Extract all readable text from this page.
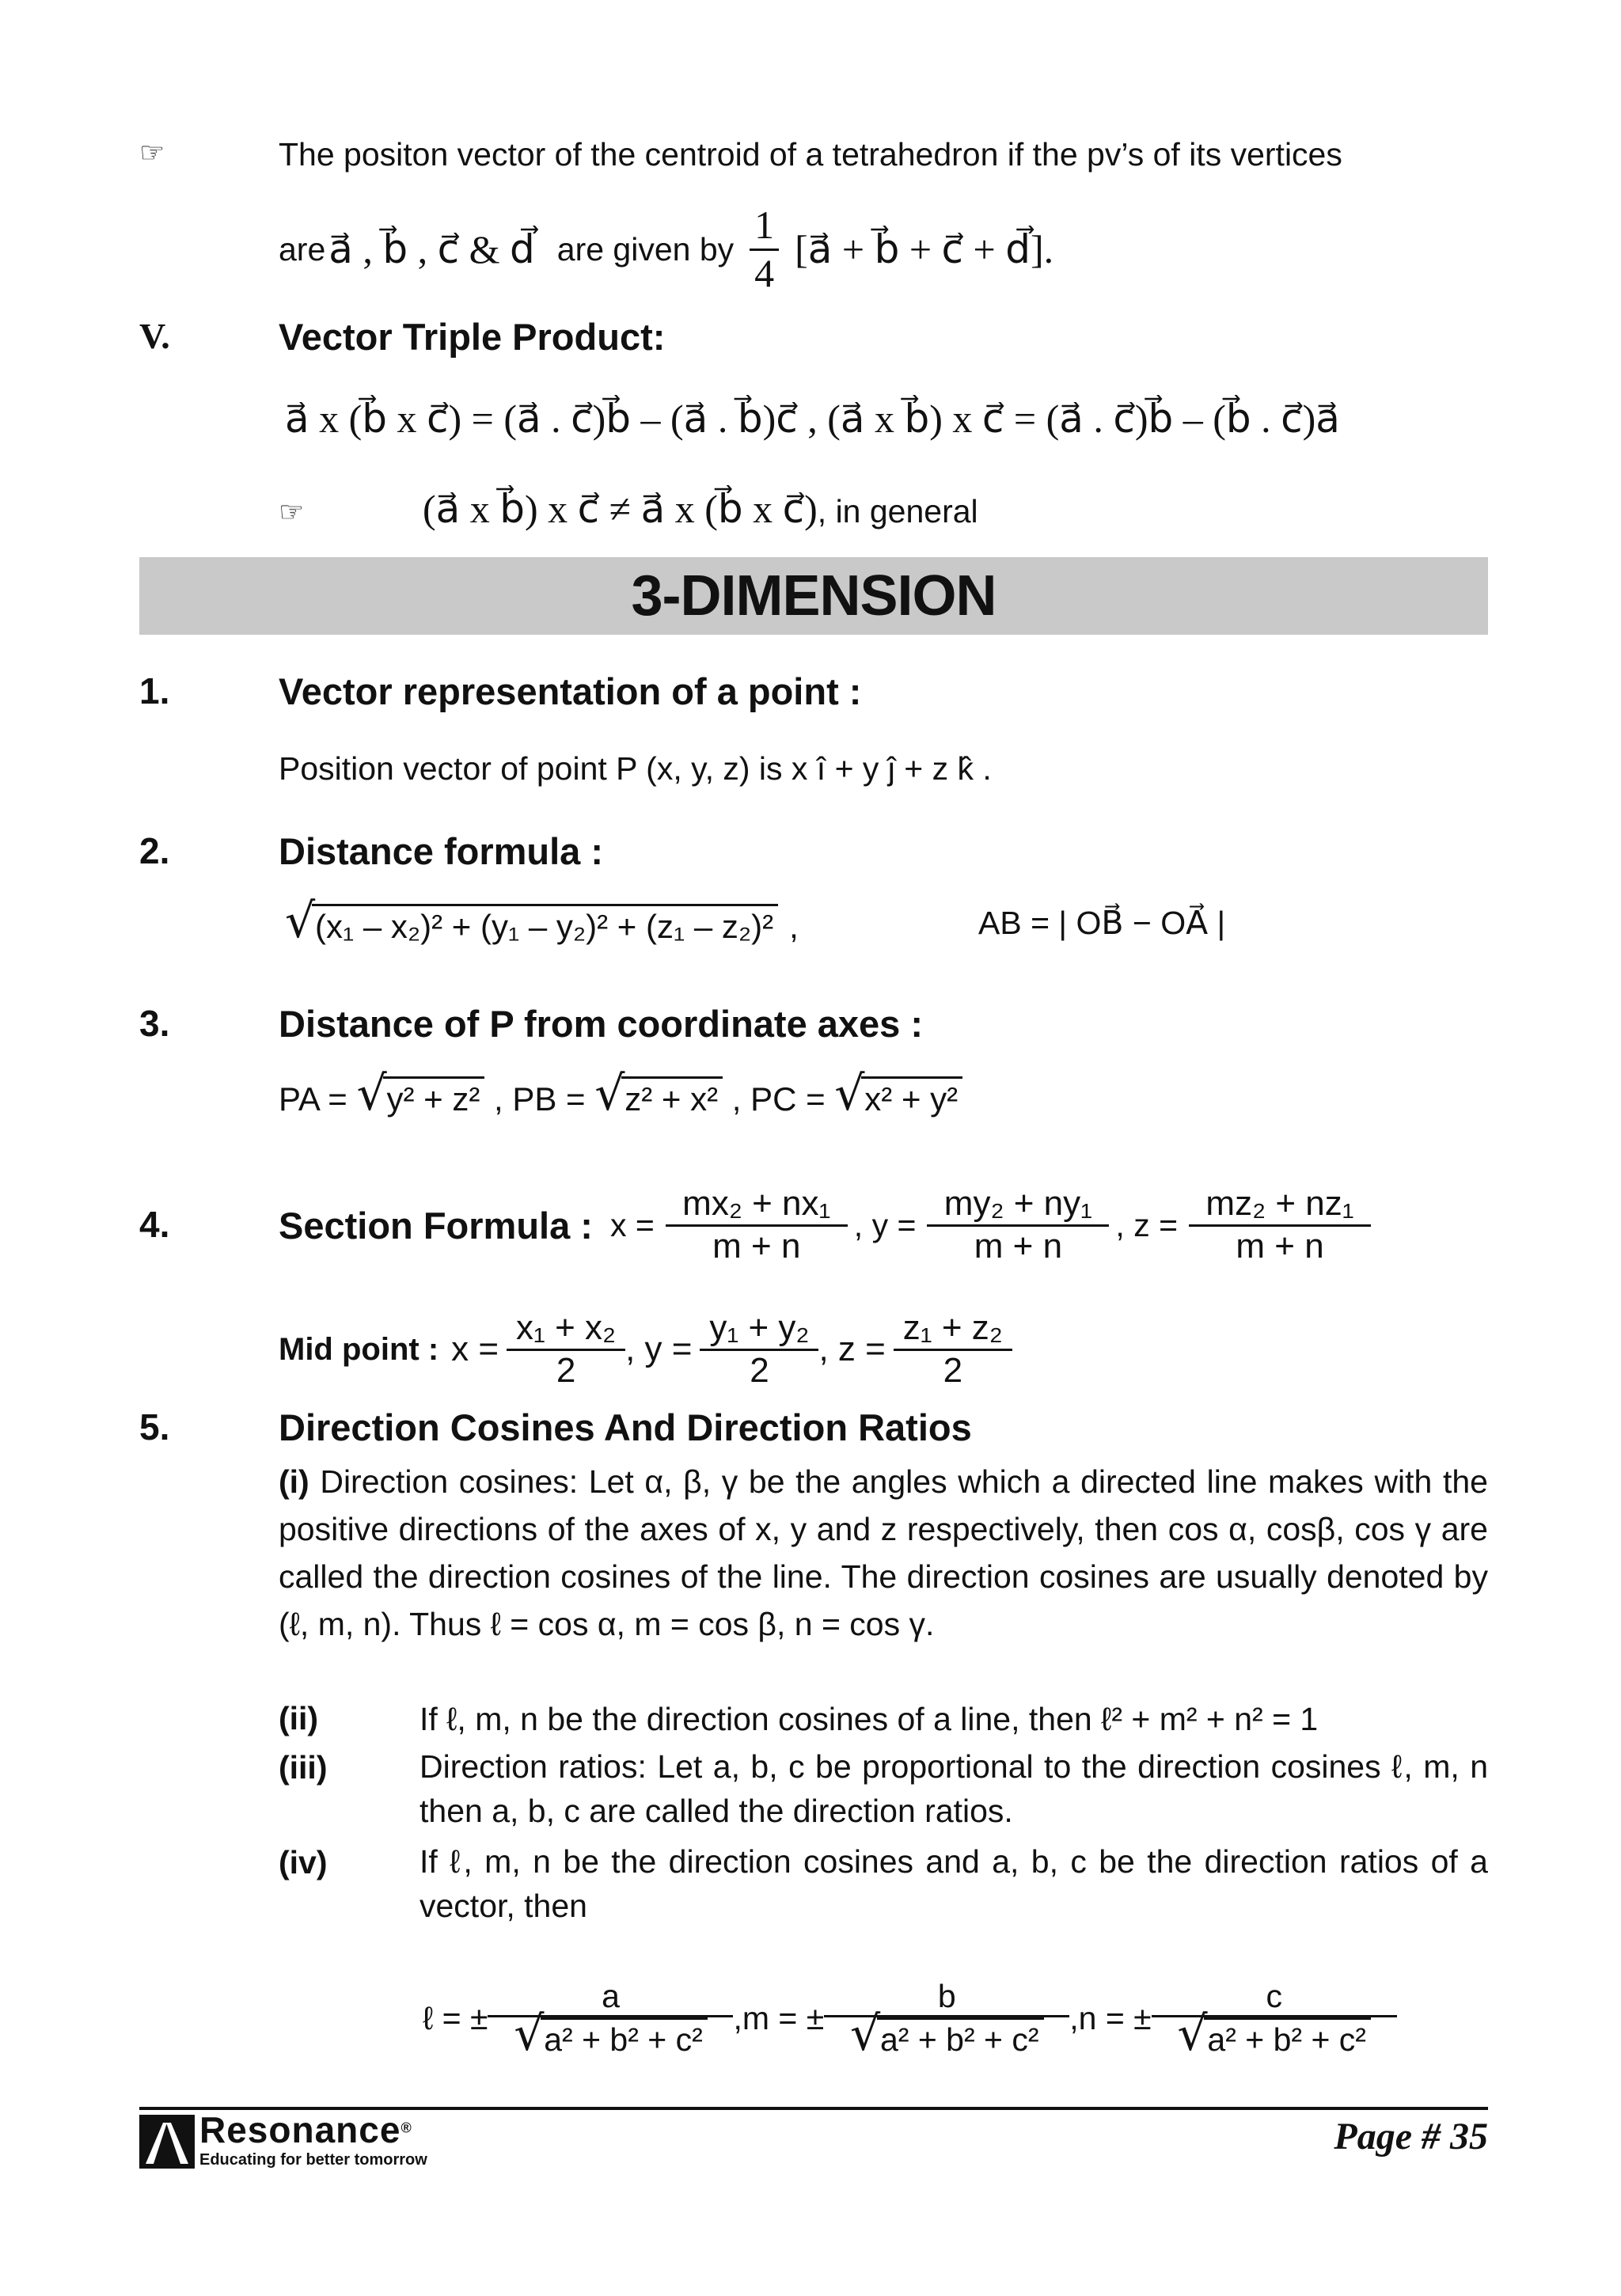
☞	The positon vector of the centroid of a tetrahedron if the pv’s of its vertices
are a⃗ , b⃗ , c⃗ & d⃗ are given by $\frac{1}{4}$ [a⃗ + b⃗ + c⃗ + d⃗].
V.	Vector Triple Product:
a⃗ x (b⃗ x c⃗) = (a⃗ . c⃗)b⃗ – (a⃗ . b⃗)c⃗ , (a⃗ x b⃗) x c⃗ = (a⃗ . c⃗)b⃗ – (b⃗ . c⃗)a⃗
☞	(a⃗ x b⃗) x c⃗ ≠ a⃗ x (b⃗ x c⃗), in general
3-DIMENSION
1.	Vector representation of a point :
Position vector of point P (x, y, z) is x î + y ĵ + z k̂ .
2.	Distance formula :
√ (x₁ – x₂)² + (y₁ – y₂)² + (z₁ – z₂)² ,	AB = | OB⃗ − OA⃗ |
3.	Distance of P from coordinate axes :
PA = √ y² + z² , PB = √ z² + x² , PC = √ x² + y²
4.	Section Formula : $x = \frac{\text{mx₂ + nx₁}}{m + n}$ , $y = \frac{\text{my₂ + ny₁}}{m + n}$ , $z = \frac{\text{mz₂ + nz₁}}{m + n}$
Mid point : $x = \frac{\text{x₁ + x₂}}{2}$ , $y = \frac{\text{y₁ + y₂}}{2}$ , $z = \frac{\text{z₁ + z₂}}{2}$
5.	Direction Cosines And Direction Ratios
(i) Direction cosines: Let α, β, γ be the angles which a directed line makes with the positive directions of the axes of x, y and z respectively, then cos α, cosβ, cos γ are called the direction cosines of the line. The direction cosines are usually denoted by (ℓ, m, n). Thus ℓ = cos α, m = cos β, n = cos γ.
(ii)	If ℓ, m, n be the direction cosines of a line, then ℓ² + m² + n² = 1
(iii)	Direction ratios: Let a, b, c be proportional to the direction cosines ℓ, m, n then a, b, c are called the direction ratios.
(iv)	If ℓ, m, n be the direction cosines and a, b, c be the direction ratios of a vector, then
ℓ = ± a
√ a² + b² + c² ,m = ± b
√ a² + b² + c² ,n = ± c
√ a² + b² + c²
Resonance®
Educating for better tomorrow
Page # 35
